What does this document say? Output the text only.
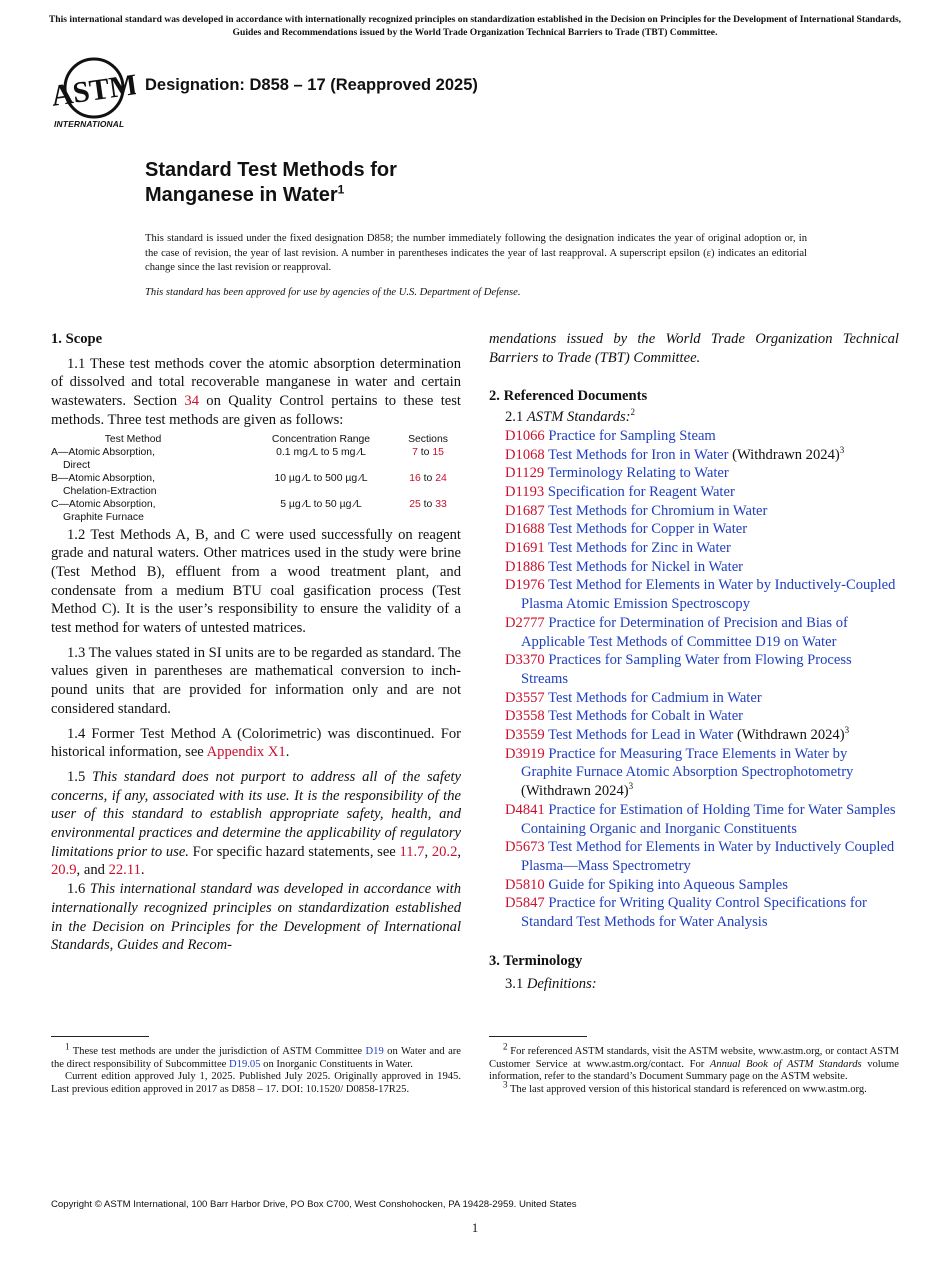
This international standard was developed in accordance with internationally recognized principles on standardization established in the Decision on Principles for the Development of International Standards, Guides and Recommendations issued by the World Trade Organization Technical Barriers to Trade (TBT) Committee.
ASTM
INTERNATIONAL
Designation: D858 – 17 (Reapproved 2025)
Standard Test Methods for
Manganese in Water$^1$
This standard is issued under the fixed designation D858; the number immediately following the designation indicates the year of original adoption or, in the case of revision, the year of last revision. A number in parentheses indicates the year of last reapproval. A superscript epsilon (ε) indicates an editorial change since the last revision or reapproval.
This standard has been approved for use by agencies of the U.S. Department of Defense.
1. Scope

1.1 These test methods cover the atomic absorption determination of dissolved and total recoverable manganese in water and certain wastewaters. Section 34 on Quality Control pertains to these test methods. Three test methods are given as follows:

Test Method	Concentration Range	Sections
A—Atomic Absorption,
Direct	0.1 mg ⁄L to 5 mg ⁄L	7 to 15
B—Atomic Absorption,
Chelation-Extraction	10 µg ⁄L to 500 µg ⁄L	16 to 24
C—Atomic Absorption,
Graphite Furnace	5 µg ⁄L to 50 µg ⁄L	25 to 33

1.2 Test Methods A, B, and C were used successfully on reagent grade and natural waters. Other matrices used in the study were brine (Test Method B), effluent from a wood treatment plant, and condensate from a medium BTU coal gasification process (Test Method C). It is the user’s responsibility to ensure the validity of a test method for waters of untested matrices.

1.3 The values stated in SI units are to be regarded as standard. The values given in parentheses are mathematical conversion to inch-pound units that are provided for information only and are not considered standard.

1.4 Former Test Method A (Colorimetric) was discontinued. For historical information, see Appendix X1.

1.5 This standard does not purport to address all of the safety concerns, if any, associated with its use. It is the responsibility of the user of this standard to establish appropriate safety, health, and environmental practices and determine the applicability of regulatory limitations prior to use. For specific hazard statements, see 11.7, 20.2, 20.9, and 22.11.

1.6 This international standard was developed in accordance with internationally recognized principles on standardization established in the Decision on Principles for the Development of International Standards, Guides and Recom-

mendations issued by the World Trade Organization Technical Barriers to Trade (TBT) Committee.

2. Referenced Documents

2.1 ASTM Standards:$^2$

D1066 Practice for Sampling Steam

D1068 Test Methods for Iron in Water (Withdrawn 2024)$^3$

D1129 Terminology Relating to Water

D1193 Specification for Reagent Water

D1687 Test Methods for Chromium in Water

D1688 Test Methods for Copper in Water

D1691 Test Methods for Zinc in Water

D1886 Test Methods for Nickel in Water

D1976 Test Method for Elements in Water by Inductively-Coupled Plasma Atomic Emission Spectroscopy

D2777 Practice for Determination of Precision and Bias of Applicable Test Methods of Committee D19 on Water

D3370 Practices for Sampling Water from Flowing Process Streams

D3557 Test Methods for Cadmium in Water

D3558 Test Methods for Cobalt in Water

D3559 Test Methods for Lead in Water (Withdrawn 2024)$^3$

D3919 Practice for Measuring Trace Elements in Water by Graphite Furnace Atomic Absorption Spectrophotometry (Withdrawn 2024)$^3$

D4841 Practice for Estimation of Holding Time for Water Samples Containing Organic and Inorganic Constituents

D5673 Test Method for Elements in Water by Inductively Coupled Plasma—Mass Spectrometry

D5810 Guide for Spiking into Aqueous Samples

D5847 Practice for Writing Quality Control Specifications for Standard Test Methods for Water Analysis

3. Terminology

3.1 Definitions:

$^1$ These test methods are under the jurisdiction of ASTM Committee D19 on Water and are the direct responsibility of Subcommittee D19.05 on Inorganic Constituents in Water.

Current edition approved July 1, 2025. Published July 2025. Originally approved in 1945. Last previous edition approved in 2017 as D858 – 17. DOI: 10.1520/ D0858-17R25.

$^2$ For referenced ASTM standards, visit the ASTM website, www.astm.org, or contact ASTM Customer Service at www.astm.org/contact. For Annual Book of ASTM Standards volume information, refer to the standard’s Document Summary page on the ASTM website.

$^3$ The last approved version of this historical standard is referenced on www.astm.org.

Copyright © ASTM International, 100 Barr Harbor Drive, PO Box C700, West Conshohocken, PA 19428-2959. United States
1
